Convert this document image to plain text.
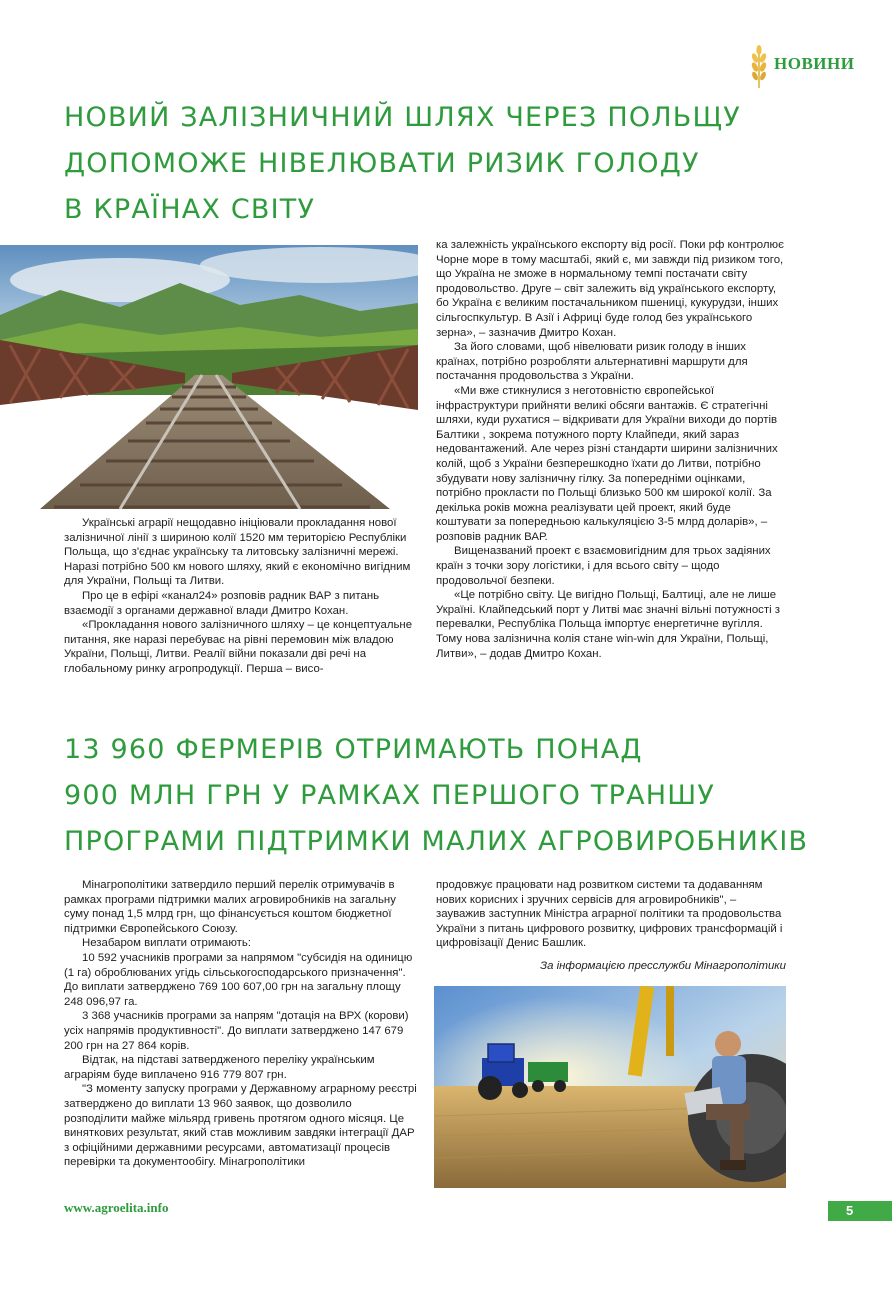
НОВИНИ
НОВИЙ ЗАЛІЗНИЧНИЙ ШЛЯХ ЧЕРЕЗ ПОЛЬЩУ
ДОПОМОЖЕ НІВЕЛЮВАТИ РИЗИК ГОЛОДУ
В КРАЇНАХ СВІТУ

Українські аграрії нещодавно ініціювали прокладання нової залізничної лінії з шириною колії 1520 мм територією Республіки Польща, що з'єднає українську та литовську залізничні мережі. Наразі потрібно 500 км нового шляху, який є економічно вигідним для України, Польщі та Литви.

Про це в ефірі «канал24» розповів радник ВАР з питань взаємодії з органами державної влади Дмитро Кохан.

«Прокладання нового залізничного шляху – це концептуальне питання, яке наразі перебуває на рівні перемовин між владою України, Польщі, Литви. Реалії війни показали дві речі на глобальному ринку агропродукції. Перша – висо-

ка залежність українського експорту від росії. Поки рф контролює Чорне море в тому масштабі, який є, ми завжди під ризиком того, що Україна не зможе в нормальному темпі постачати світу продовольство. Друге – світ залежить від українського експорту, бо Україна є великим постачальником пшениці, кукурудзи, інших сільгоспкультур. В Азії і Африці буде голод без українського зерна», – зазначив Дмитро Кохан.

За його словами, щоб нівелювати ризик голоду в інших країнах, потрібно розробляти альтернативні маршрути для постачання продовольства з України.

«Ми вже стикнулися з неготовністю європейської інфраструктури прийняти великі обсяги вантажів. Є стратегічні шляхи, куди рухатися – відкривати для України виходи до портів Балтики , зокрема потужного порту Клайпеди, який зараз недовантажений. Але через різні стандарти ширини залізничних колій, щоб з України безперешкодно їхати до Литви, потрібно збудувати нову залізничну гілку. За попередніми оцінками, потрібно прокласти по Польщі близько 500 км широкої колії. За декілька років можна реалізувати цей проект, який буде коштувати за попередньою калькуляцією 3-5 млрд доларів», – розповів радник ВАР.

Вищеназваний проект є взаємовигідним для трьох задіяних країн з точки зору логістики, і для всього світу – щодо продовольчої безпеки.

«Це потрібно світу. Це вигідно Польщі, Балтиці, але не лише Україні. Клайпедський порт у Литві має значні вільні потужності з перевалки, Республіка Польща імпортує енергетичне вугілля. Тому нова залізнична колія стане win-win для України, Польщі, Литви», – додав Дмитро Кохан.

13 960 ФЕРМЕРІВ ОТРИМАЮТЬ ПОНАД
900 МЛН ГРН У РАМКАХ ПЕРШОГО ТРАНШУ
ПРОГРАМИ ПІДТРИМКИ МАЛИХ АГРОВИРОБНИКІВ

Мінагрополітики затвердило перший перелік отримувачів в рамках програми підтримки малих агровиробників на загальну суму понад 1,5 млрд грн, що фінансується коштом бюджетної підтримки Європейського Союзу.

Незабаром виплати отримають:

10 592 учасників програми за напрямом "субсидія на одиницю (1 га) оброблюваних угідь сільськогосподарського призначення". До виплати затверджено 769 100 607,00 грн на загальну площу 248 096,97 га.

3 368 учасників програми за напрям "дотація на ВРХ (корови) усіх напрямів продуктивності". До виплати затверджено 147 679 200 грн на 27 864 корів.

Відтак, на підставі затвердженого переліку українським аграріям буде виплачено 916 779 807 грн.

"З моменту запуску програми у Державному аграрному реєстрі затверджено до виплати 13 960 заявок, що дозволило розподілити майже мільярд гривень протягом одного місяця. Це виняткових результат, який став можливим завдяки інтеграції ДАР з офіційними державними ресурсами, автоматизації процесів перевірки та документообігу. Мінагрополітики

продовжує працювати над розвитком системи та додаванням нових корисних і зручних сервісів для агровиробників", – зауважив заступник Міністра аграрної політики та продовольства України з питань цифрового розвитку, цифрових трансформацій і цифровізації Денис Башлик.

За інформацією пресслужби Мінагрополітики

www.agroelita.info	5
